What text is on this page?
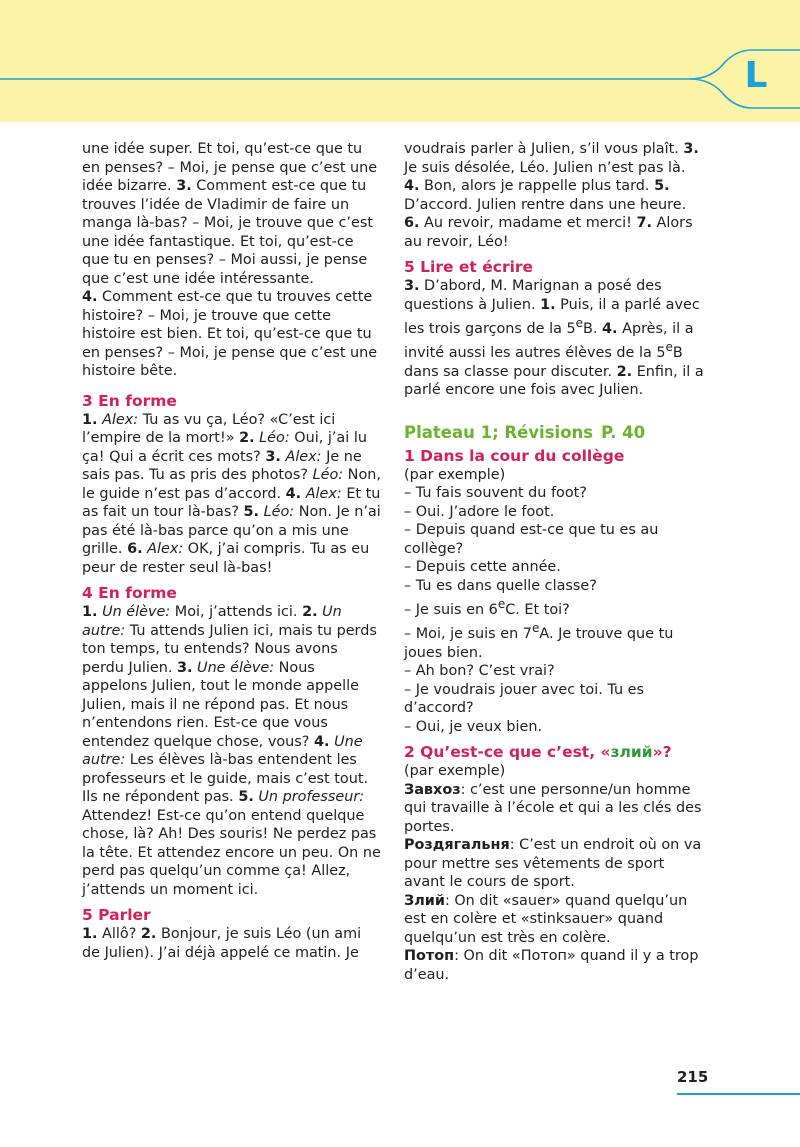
L

une idée super. Et toi, qu’est-ce que tu en penses? – Moi, je pense que c’est une idée bizarre. 3. Comment est-ce que tu trouves l’idée de Vladimir de faire un manga là-bas? – Moi, je trouve que c’est une idée fantastique. Et toi, qu’est-ce que tu en penses? – Moi aussi, je pense que c’est une idée intéressante.

4. Comment est-ce que tu trouves cette histoire? – Moi, je trouve que cette histoire est bien. Et toi, qu’est-ce que tu en penses? – Moi, je pense que c’est une histoire bête.

3 En forme

1. Alex: Tu as vu ça, Léo? «C’est ici l’empire de la mort!» 2. Léo: Oui, j’ai lu ça! Qui a écrit ces mots? 3. Alex: Je ne sais pas. Tu as pris des photos? Léo: Non, le guide n’est pas d’accord. 4. Alex: Et tu as fait un tour là-bas? 5. Léo: Non. Je n’ai pas été là-bas parce qu’on a mis une grille. 6. Alex: OK, j’ai compris. Tu as eu peur de rester seul là-bas!

4 En forme

1. Un élève: Moi, j’attends ici. 2. Un autre: Tu attends Julien ici, mais tu perds ton temps, tu entends? Nous avons perdu Julien. 3. Une élève: Nous appelons Julien, tout le monde appelle Julien, mais il ne répond pas. Et nous n’entendons rien. Est-ce que vous entendez quelque chose, vous? 4. Une autre: Les élèves là-bas entendent les professeurs et le guide, mais c’est tout. Ils ne répondent pas. 5. Un professeur: Attendez! Est-ce qu’on entend quelque chose, là? Ah! Des souris! Ne perdez pas la tête. Et attendez encore un peu. On ne perd pas quelqu’un comme ça! Allez, j’attends un moment ici.

5 Parler

1. Allô? 2. Bonjour, je suis Léo (un ami de Julien). J’ai déjà appelé ce matin. Je

voudrais parler à Julien, s’il vous plaît. 3. Je suis désolée, Léo. Julien n’est pas là. 4. Bon, alors je rappelle plus tard. 5. D’accord. Julien rentre dans une heure. 6. Au revoir, madame et merci! 7. Alors au revoir, Léo!

5 Lire et écrire

3. D’abord, M. Marignan a posé des questions à Julien. 1. Puis, il a parlé avec les trois garçons de la 5eB. 4. Après, il a invité aussi les autres élèves de la 5eB dans sa classe pour discuter. 2. Enfin, il a parlé encore une fois avec Julien.

Plateau 1; Révisions P. 40
1 Dans la cour du collège

(par exemple)

– Tu fais souvent du foot?

– Oui. J’adore le foot.

– Depuis quand est-ce que tu es au collège?

– Depuis cette année.

– Tu es dans quelle classe?

– Je suis en 6eC. Et toi?

– Moi, je suis en 7eA. Je trouve que tu joues bien.

– Ah bon? C’est vrai?

– Je voudrais jouer avec toi. Tu es d’accord?

– Oui, je veux bien.

2 Qu’est-ce que c’est, «злий»?

(par exemple)

Завхоз: c’est une personne/un homme qui travaille à l’école et qui a les clés des portes.

Роздягальня: C’est un endroit où on va pour mettre ses vêtements de sport avant le cours de sport.

Злий: On dit «sauer» quand quelqu’un est en colère et «stinksauer» quand quelqu’un est très en colère.

Потоп: On dit «Потоп» quand il y a trop d’eau.

215
